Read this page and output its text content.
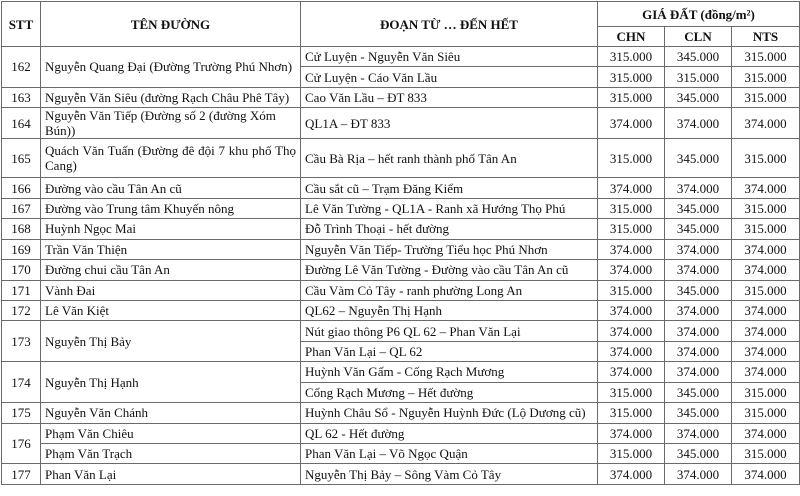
STT	TÊN ĐƯỜNG	ĐOẠN TỪ … ĐẾN HẾT	GIÁ ĐẤT (đồng/m²)		
			CHN	CLN	NTS
162	Nguyễn Quang Đại (Đường Trường Phú Nhơn)	Cử Luyện - Nguyễn Văn Siêu	315.000	345.000	315.000
		Cử Luyện - Cáo Văn Lầu	315.000	315.000	315.000
163	Nguyễn Văn Siêu (đường Rạch Châu Phê Tây)	Cao Văn Lầu – ĐT 833	315.000	345.000	315.000
164	Nguyễn Văn Tiếp (Đường số 2 (đường Xóm Bún))	QL1A – ĐT 833	374.000	374.000	374.000
165	Quách Văn Tuấn (Đường đê đội 7 khu phố Thọ Cang)	Cầu Bà Rịa – hết ranh thành phố Tân An	315.000	345.000	315.000
166	Đường vào cầu Tân An cũ	Cầu sắt cũ – Trạm Đăng Kiểm	374.000	374.000	374.000
167	Đường vào Trung tâm Khuyến nông	Lê Văn Tường - QL1A - Ranh xã Hướng Thọ Phú	315.000	345.000	315.000
168	Huỳnh Ngọc Mai	Đỗ Trình Thoại - hết đường	315.000	345.000	315.000
169	Trần Văn Thiện	Nguyễn Văn Tiếp- Trường Tiểu học Phú Nhơn	374.000	374.000	374.000
170	Đường chui cầu Tân An	Đường Lê Văn Tường - Đường vào cầu Tân An cũ	374.000	374.000	374.000
171	Vành Đai	Cầu Vàm Cỏ Tây - ranh phường Long An	315.000	345.000	315.000
172	Lê Văn Kiệt	QL62 – Nguyễn Thị Hạnh	374.000	374.000	374.000
173	Nguyễn Thị Bảy	Nút giao thông P6 QL 62 – Phan Văn Lại	374.000	374.000	374.000
		Phan Văn Lại – QL 62	374.000	374.000	374.000
174	Nguyễn Thị Hạnh	Huỳnh Văn Gấm - Cống Rạch Mương	374.000	374.000	374.000
		Cống Rạch Mương – Hết đường	315.000	345.000	315.000
175	Nguyễn Văn Chánh	Huỳnh Châu Sổ - Nguyễn Huỳnh Đức (Lộ Dương cũ)	315.000	345.000	315.000
176	Phạm Văn Chiêu	QL 62 - Hết đường	374.000	374.000	374.000
	Phạm Văn Trạch	Phan Văn Lại – Võ Ngọc Quận	315.000	345.000	315.000
177	Phan Văn Lại	Nguyễn Thị Bảy – Sông Vàm Cỏ Tây	374.000	374.000	374.000
